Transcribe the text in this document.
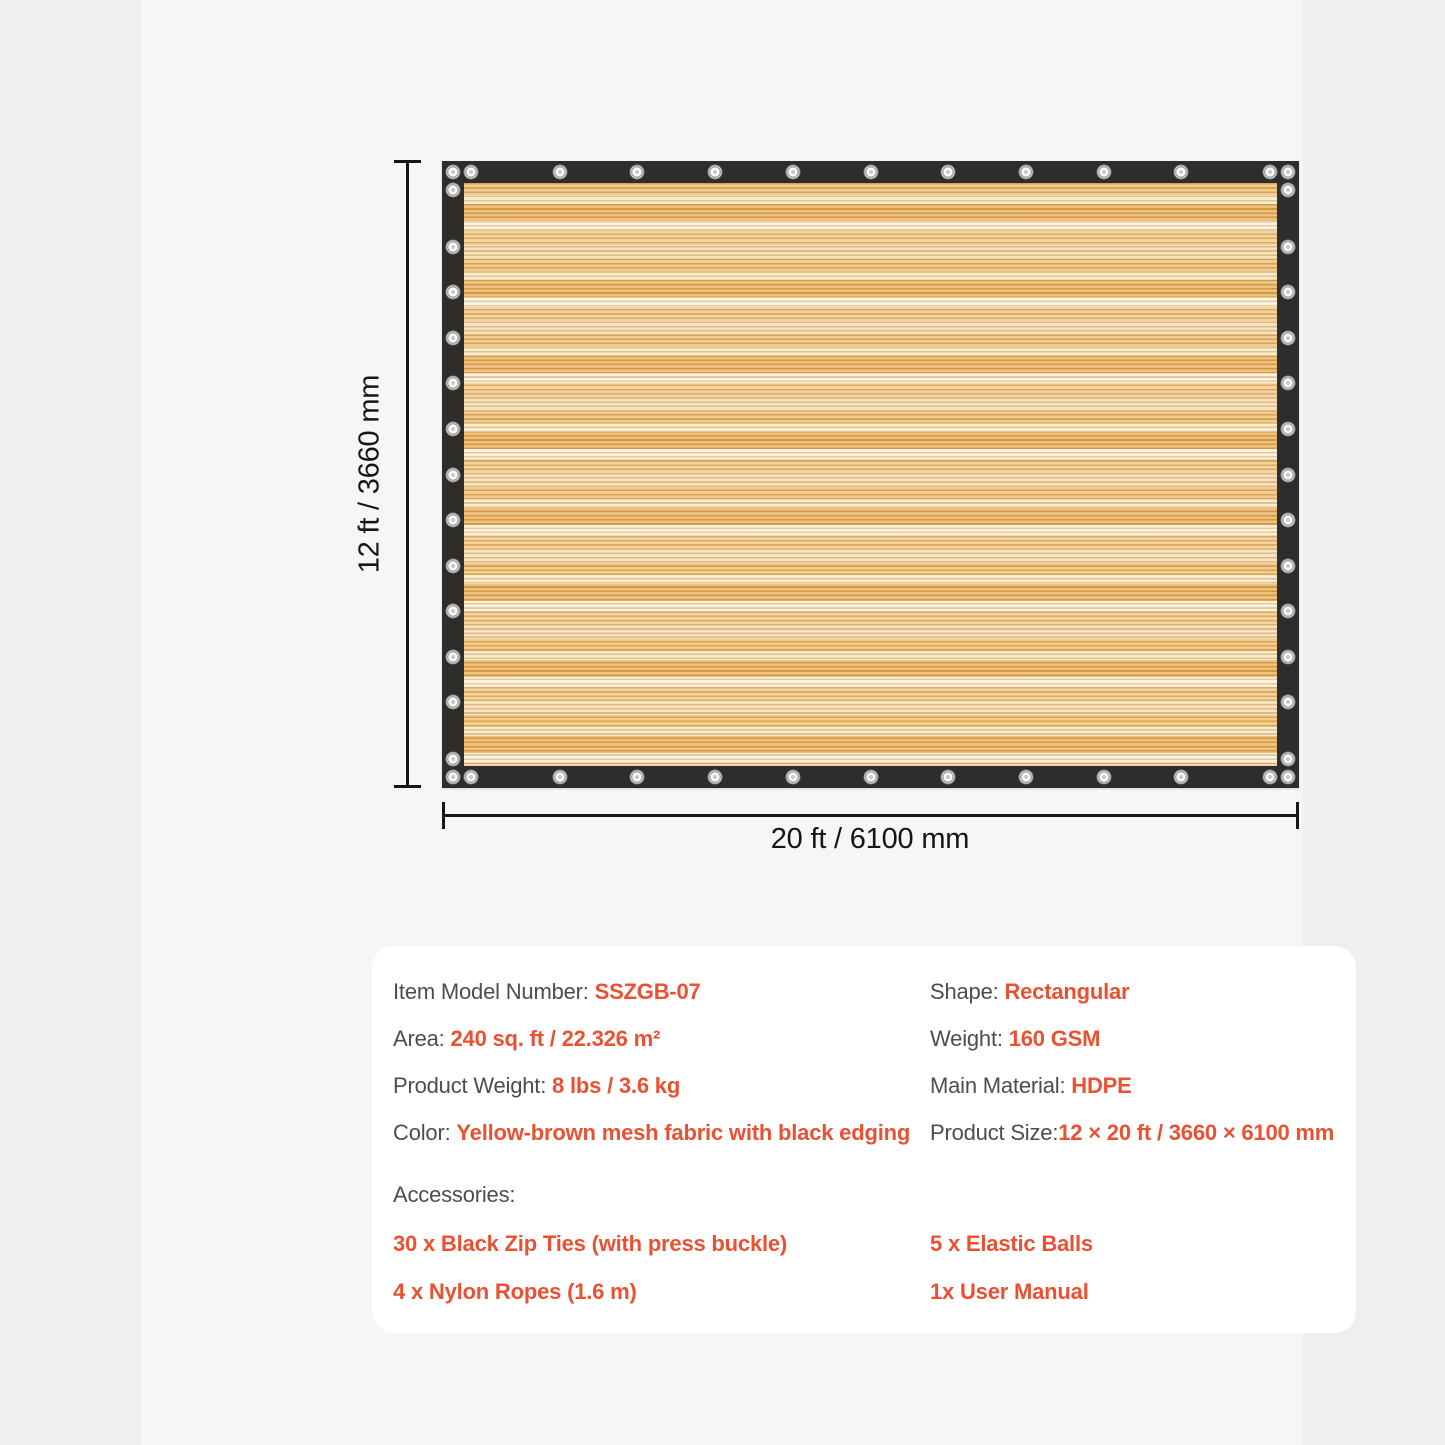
12 ft / 3660 mm
20 ft / 6100 mm
Item Model Number: SSZGB-07
Area: 240 sq. ft / 22.326 m²
Product Weight: 8 lbs / 3.6 kg
Color: Yellow-brown mesh fabric with black edging
Shape: Rectangular
Weight: 160 GSM
Main Material: HDPE
Product Size:12 × 20 ft / 3660 × 6100 mm
Accessories:
30 x Black Zip Ties (with press buckle)
4 x Nylon Ropes (1.6 m)
5 x Elastic Balls
1x User Manual
